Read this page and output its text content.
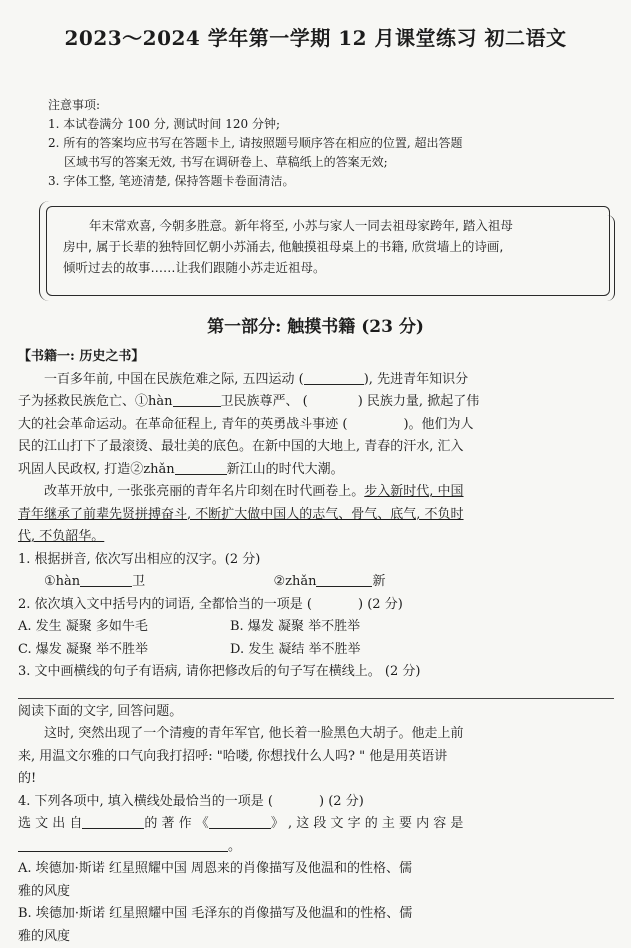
2023～2024 学年第一学期 12 月课堂练习 初二语文
注意事项:
1. 本试卷满分 100 分, 测试时间 120 分钟;
2. 所有的答案均应书写在答题卡上, 请按照题号顺序答在相应的位置, 超出答题
区域书写的答案无效, 书写在调研卷上、草稿纸上的答案无效;
3. 字体工整, 笔迹清楚, 保持答题卡卷面清洁。
年末常欢喜, 今朝多胜意。新年将至, 小苏与家人一同去祖母家跨年, 踏入祖母
房中, 属于长辈的独特回忆朝小苏涌去, 他触摸祖母桌上的书籍, 欣赏墙上的诗画,
倾听过去的故事……让我们跟随小苏走近祖母。
第一部分: 触摸书籍 (23 分)
【书籍一: 历史之书】
一百多年前, 中国在民族危难之际, 五四运动 (	), 先进青年知识分
子为拯救民族危亡、①hàn	卫民族尊严、 (	) 民族力量, 掀起了伟
大的社会革命运动。在革命征程上, 青年的英勇战斗事迹 (	)。他们为人
民的江山打下了最滚烫、最壮美的底色。在新中国的大地上, 青春的汗水, 汇入
巩固人民政权, 打造②zhǎn	新江山的时代大潮。
改革开放中, 一张张亮丽的青年名片印刻在时代画卷上。步入新时代, 中国
青年继承了前辈先贤拼搏奋斗, 不断扩大做中国人的志气、骨气、底气, 不负时
代, 不负韶华。
1. 根据拼音, 依次写出相应的汉字。(2 分)
①hàn	卫	②zhǎn	新
2. 依次填入文中括号内的词语, 全都恰当的一项是 (	) (2 分)
A. 发生 凝聚 多如牛毛	B. 爆发 凝聚 举不胜举
C. 爆发 凝聚 举不胜举	D. 发生 凝结 举不胜举
3. 文中画横线的句子有语病, 请你把修改后的句子写在横线上。 (2 分)
阅读下面的文字, 回答问题。
这时, 突然出现了一个清瘦的青年军官, 他长着一脸黑色大胡子。他走上前
来, 用温文尔雅的口气向我打招呼: "哈喽, 你想找什么人吗? " 他是用英语讲
的!
4. 下列各项中, 填入横线处最恰当的一项是 (	) (2 分)
选 文 出 自	的 著 作 《	》 , 这 段 文 字 的 主 要 内 容 是
。
A. 埃德加·斯诺 红星照耀中国 周恩来的肖像描写及他温和的性格、儒
雅的风度
B. 埃德加·斯诺 红星照耀中国 毛泽东的肖像描写及他温和的性格、儒
雅的风度
